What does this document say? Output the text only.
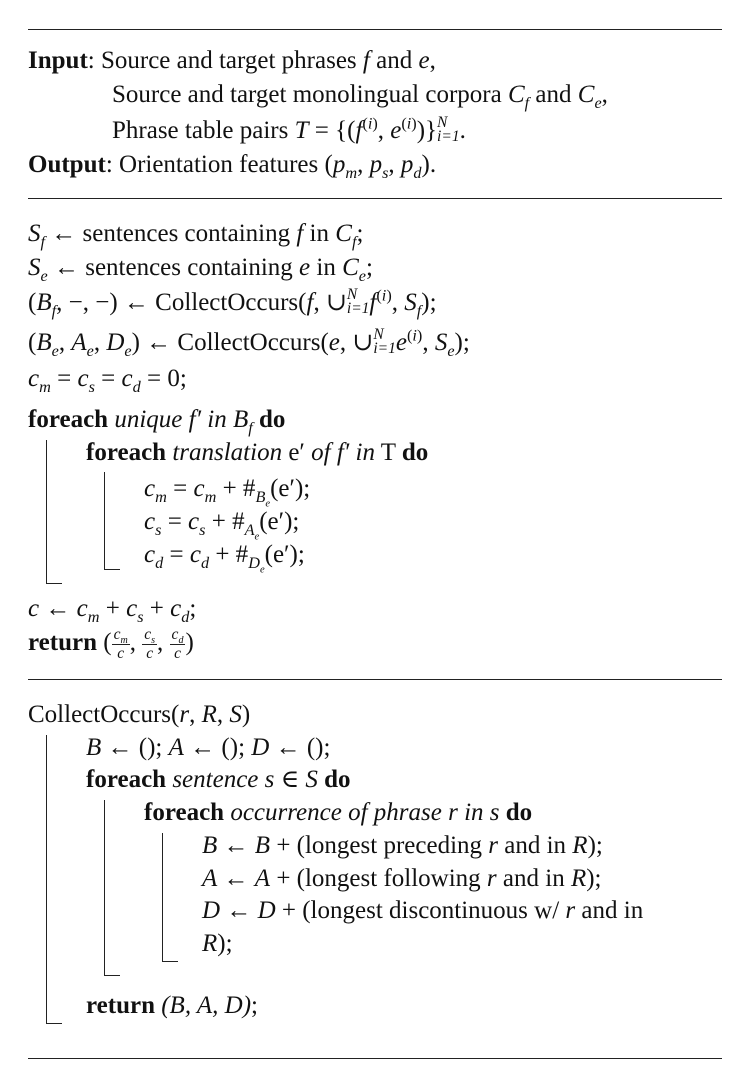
Input: Source and target phrases f and e,
Source and target monolingual corpora $C_f$ and $C_e$,
Phrase table pairs $T = \{(f^{(i)}$, $e^{(i)}$)} N
i=1 .
Output: Orientation features ($p_m$, $p_s$, $p_d$).
$S_f$ ← sentences containing f in $C_f$;
$S_e$ ← sentences containing e in $C_e$;
($B_f$, −, −) ← CollectOccurs(f, ∪ N
i=1 $f^{(i)}$, $S_f$);
($B_e$, $A_e$, $D_e$) ← CollectOccurs(e, ∪ N
i=1 $e^{(i)}$, $S_e$);
$c_m = c_s = c_d = 0$;
foreach unique f′ in $B_f$ do
foreach translation e′ of f′ in T do
$c_m = c_m$ + $\#_{B_e}(e')$;
$c_s = c_s$ + $\#_{A_e}(e')$;
$c_d = c_d$ + $\#_{D_e}(e')$;
c ← $c_m + c_s + c_d$;
return ( $\frac{c_m}{c}$ , $\frac{c_s}{c}$ , $\frac{c_d}{c}$ )
CollectOccurs(r, R, S)
B ← (); A ← (); D ← ();
foreach sentence s ∈ S do
foreach occurrence of phrase r in s do
B ← B + (longest preceding r and in R);
A ← A + (longest following r and in R);
D ← D + (longest discontinuous w/ r and in
R);
return (B, A, D);
